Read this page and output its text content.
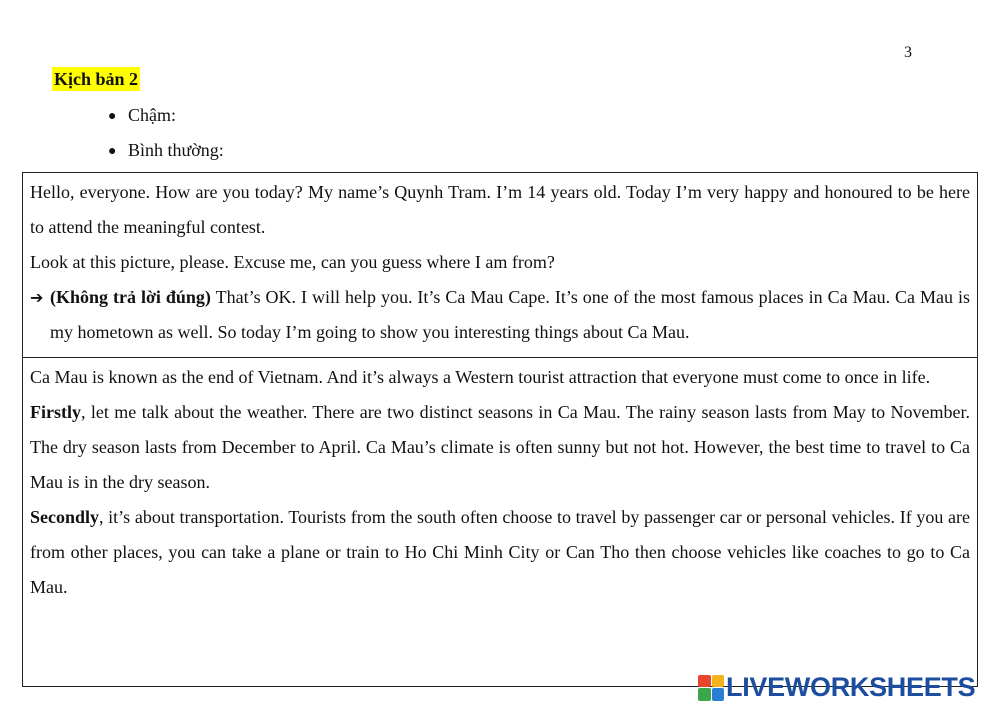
3
Kịch bản 2
● Chậm:
● Bình thường:
Hello, everyone. How are you today? My name’s Quynh Tram. I’m 14 years old. Today I’m very happy and honoured to be here to attend the meaningful contest.
Look at this picture, please. Excuse me, can you guess where I am from?
➔ (Không trả lời đúng) That’s OK. I will help you. It’s Ca Mau Cape. It’s one of the most famous places in Ca Mau. Ca Mau is my hometown as well. So today I’m going to show you interesting things about Ca Mau.
Ca Mau is known as the end of Vietnam. And it’s always a Western tourist attraction that everyone must come to once in life.
Firstly, let me talk about the weather. There are two distinct seasons in Ca Mau. The rainy season lasts from May to November. The dry season lasts from December to April. Ca Mau’s climate is often sunny but not hot. However, the best time to travel to Ca Mau is in the dry season.
Secondly, it’s about transportation. Tourists from the south often choose to travel by passenger car or personal vehicles. If you are from other places, you can take a plane or train to Ho Chi Minh City or Can Tho then choose vehicles like coaches to go to Ca Mau.
LIVEWORKSHEETS
